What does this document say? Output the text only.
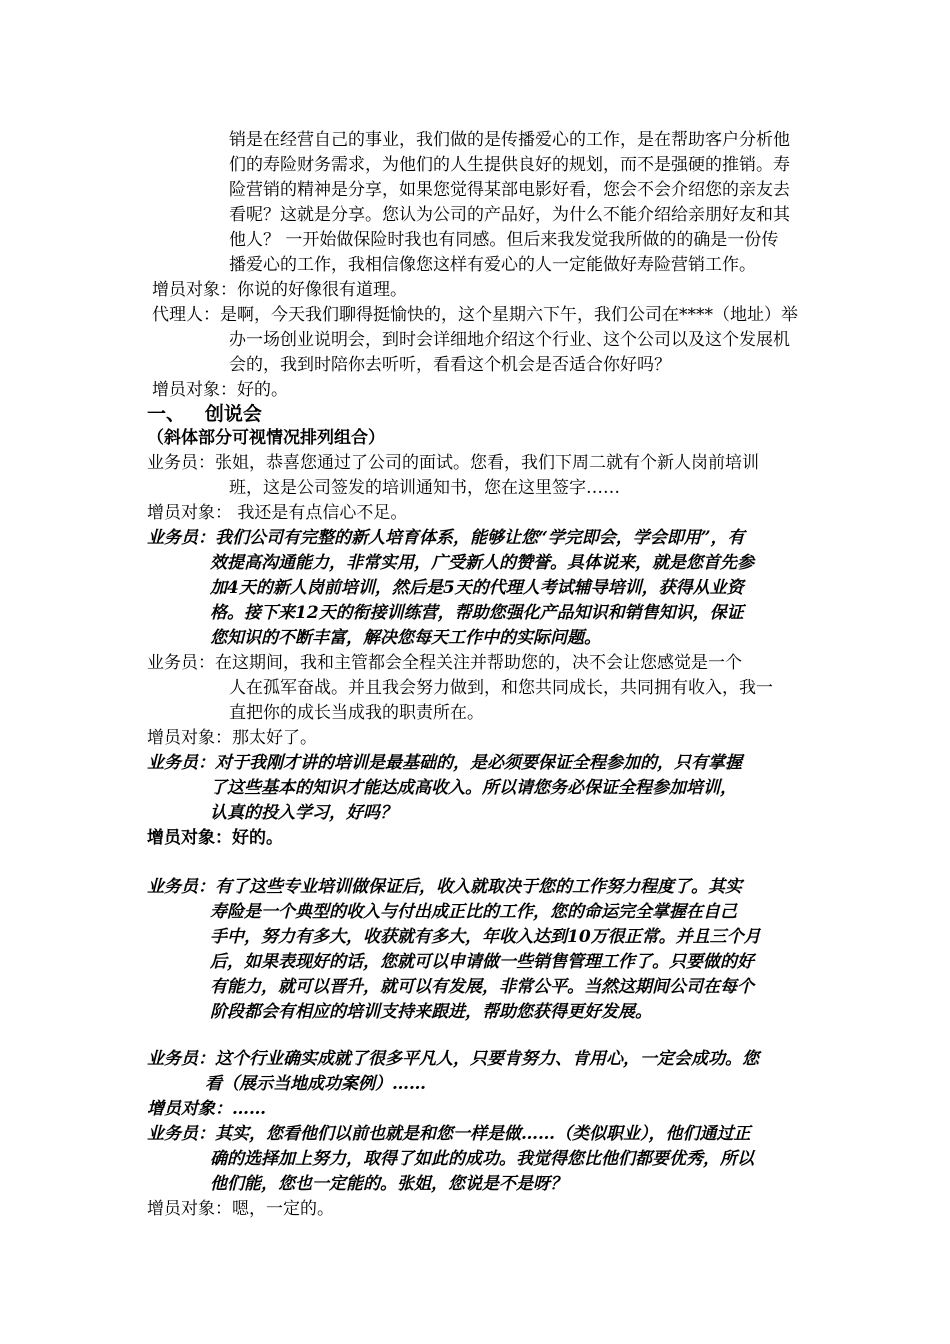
销是在经营自己的事业，我们做的是传播爱心的工作，是在帮助客户分析他
们的寿险财务需求，为他们的人生提供良好的规划，而不是强硬的推销。寿
险营销的精神是分享，如果您觉得某部电影好看，您会不会介绍您的亲友去
看呢？这就是分享。您认为公司的产品好，为什么不能介绍给亲朋好友和其
他人？ 一开始做保险时我也有同感。但后来我发觉我所做的的确是一份传
播爱心的工作，我相信像您这样有爱心的人一定能做好寿险营销工作。
增员对象：你说的好像很有道理。
代理人：是啊，今天我们聊得挺愉快的，这个星期六下午，我们公司在****（地址）举
办一场创业说明会，到时会详细地介绍这个行业、这个公司以及这个发展机
会的，我到时陪你去听听，看看这个机会是否适合你好吗？
增员对象：好的。
一、   创说会
（斜体部分可视情况排列组合）
业务员：张姐，恭喜您通过了公司的面试。您看，我们下周二就有个新人岗前培训
班，这是公司签发的培训通知书，您在这里签字……
增员对象： 我还是有点信心不足。
业务员：我们公司有完整的新人培育体系，能够让您“学完即会，学会即用”，有
效提高沟通能力，非常实用，广受新人的赞誉。具体说来，就是您首先参
加4天的新人岗前培训，然后是5天的代理人考试辅导培训，获得从业资
格。接下来12天的衔接训练营，帮助您强化产品知识和销售知识，保证
您知识的不断丰富，解决您每天工作中的实际问题。
业务员：在这期间，我和主管都会全程关注并帮助您的，决不会让您感觉是一个
人在孤军奋战。并且我会努力做到，和您共同成长，共同拥有收入，我一
直把你的成长当成我的职责所在。
增员对象：那太好了。
业务员：对于我刚才讲的培训是最基础的，是必须要保证全程参加的，只有掌握
了这些基本的知识才能达成高收入。所以请您务必保证全程参加培训，
认真的投入学习，好吗？
增员对象：好的。
业务员：有了这些专业培训做保证后，收入就取决于您的工作努力程度了。其实
寿险是一个典型的收入与付出成正比的工作，您的命运完全掌握在自己
手中，努力有多大，收获就有多大，年收入达到10万很正常。并且三个月
后，如果表现好的话，您就可以申请做一些销售管理工作了。只要做的好
有能力，就可以晋升，就可以有发展，非常公平。当然这期间公司在每个
阶段都会有相应的培训支持来跟进，帮助您获得更好发展。
业务员：这个行业确实成就了很多平凡人，只要肯努力、肯用心，一定会成功。您
看（展示当地成功案例）……
增员对象：……
业务员：其实，您看他们以前也就是和您一样是做……（类似职业），他们通过正
确的选择加上努力，取得了如此的成功。我觉得您比他们都要优秀，所以
他们能，您也一定能的。张姐，您说是不是呀？
增员对象：嗯，一定的。
